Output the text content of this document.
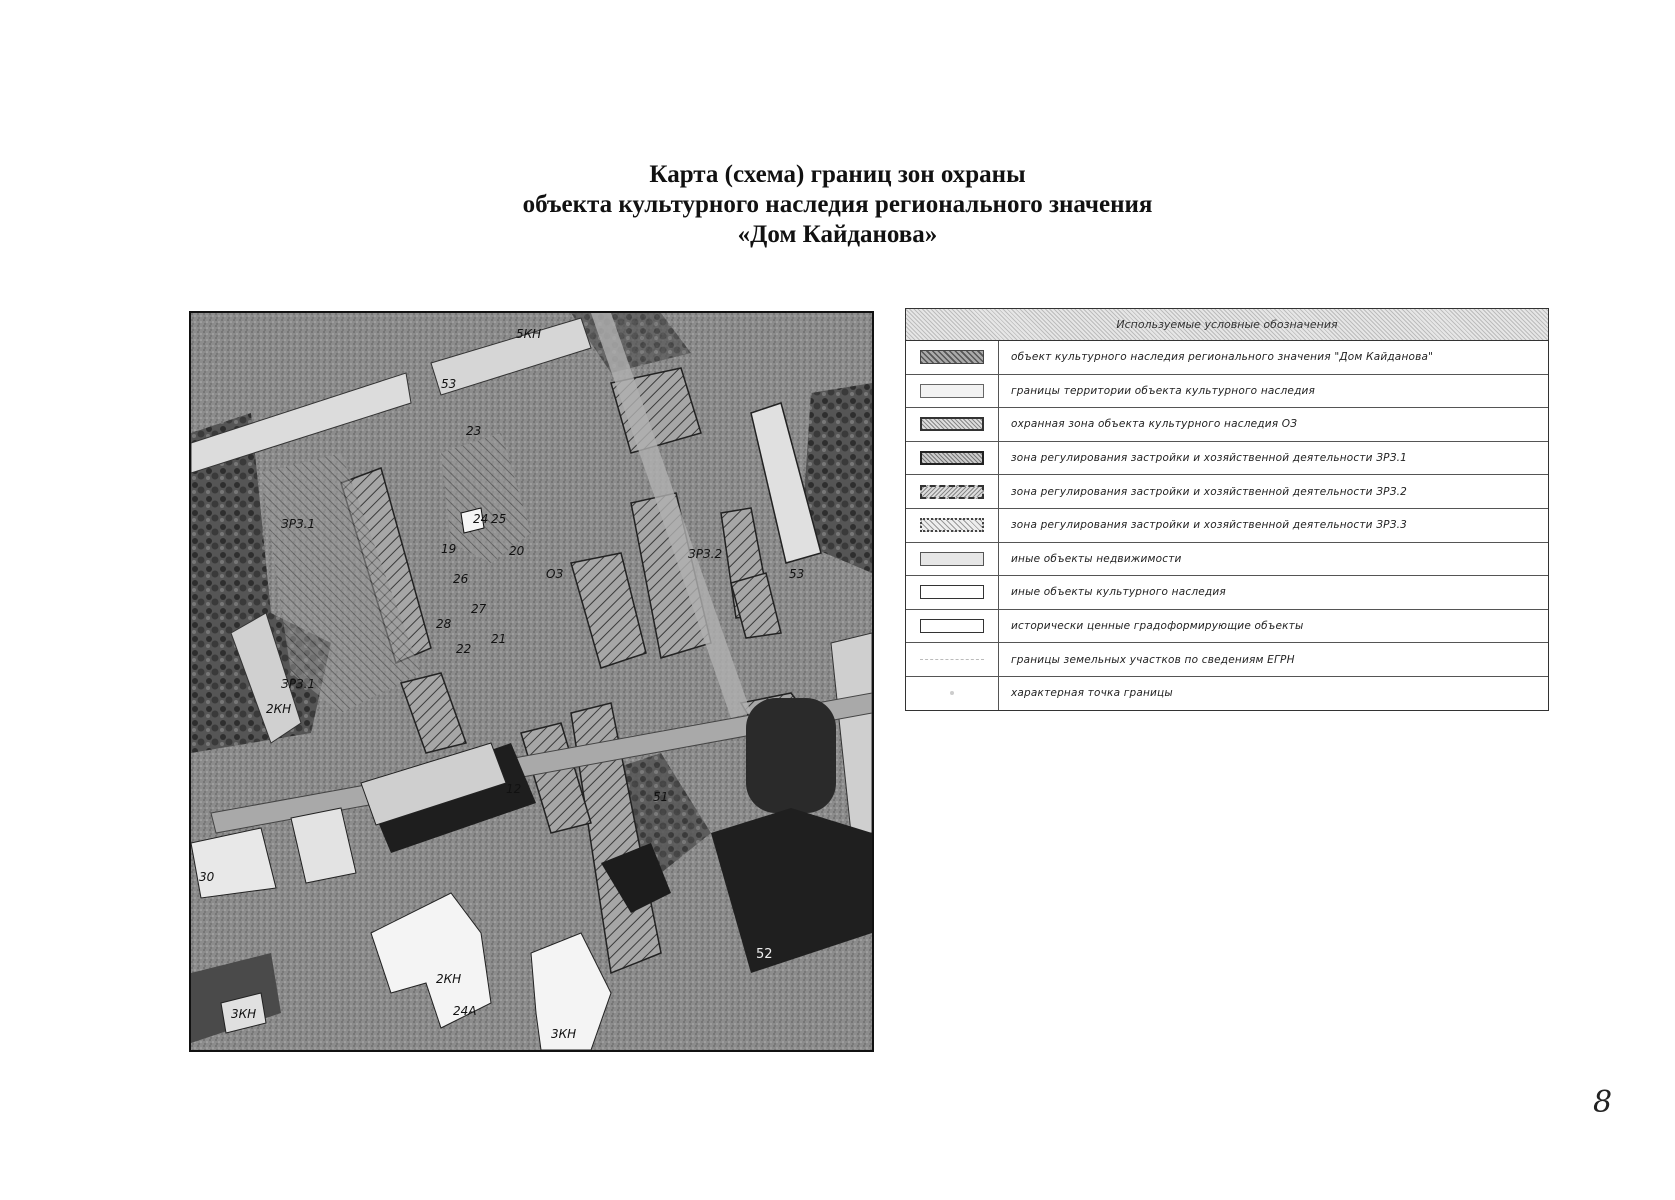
Карта (схема) границ зон охраны
объекта культурного наследия регионального значения
«Дом Кайданова»
ЗРЗ.1
ЗРЗ.1
ЗРЗ.2
ОЗ
53
53
12
51
30
24А
5КН
2КН
3КН
3КН
2КН
23
24 25
19	20
26
27
28
22
21
52
Используемые условные обозначения
объект культурного наследия регионального значения "Дом Кайданова"
границы территории объекта культурного наследия
охранная зона объекта культурного наследия ОЗ
зона регулирования застройки и хозяйственной деятельности ЗРЗ.1
зона регулирования застройки и хозяйственной деятельности ЗРЗ.2
зона регулирования застройки и хозяйственной деятельности ЗРЗ.3
иные объекты недвижимости
иные объекты культурного наследия
исторически ценные градоформирующие объекты
границы земельных участков по сведениям ЕГРН
характерная точка границы
8
